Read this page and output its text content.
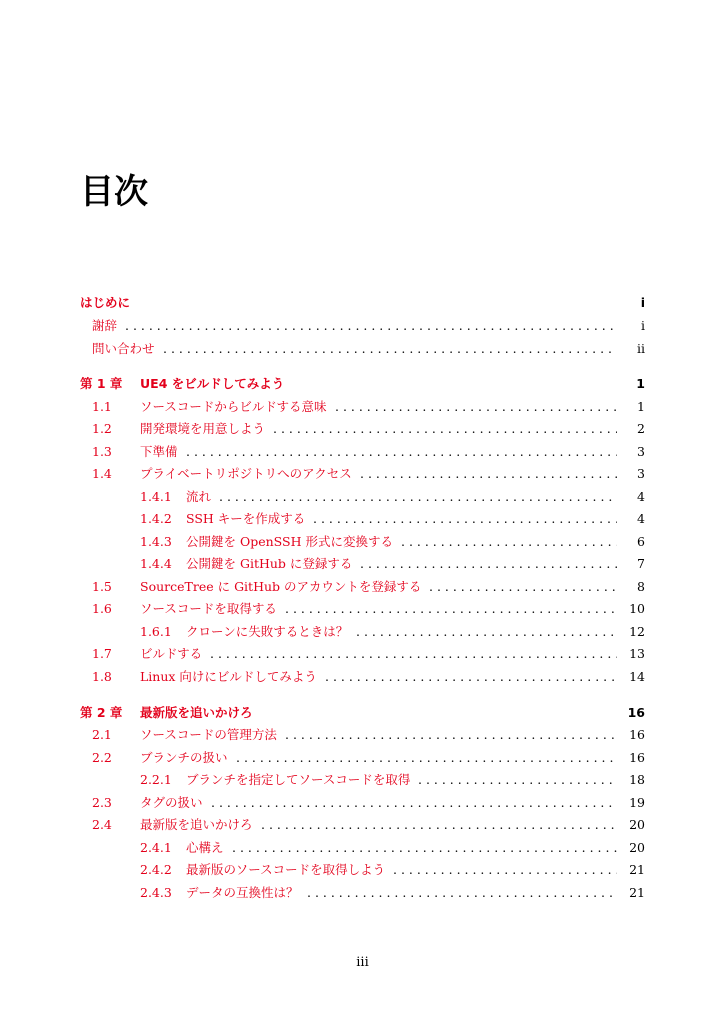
目次
はじめに	i
謝辞 . . .	i
問い合わせ . . .	ii
第 1 章 UE4 をビルドしてみよう	1
1.1 ソースコードからビルドする意味 . . .	1
1.2 開発環境を用意しよう . . .	2
1.3 下準備 . . .	3
1.4 プライベートリポジトリへのアクセス . . .	3
1.4.1 流れ . . .	4
1.4.2 SSH キーを作成する . . .	4
1.4.3 公開鍵を OpenSSH 形式に変換する . . .	6
1.4.4 公開鍵を GitHub に登録する . . .	7
1.5 SourceTree に GitHub のアカウントを登録する . . .	8
1.6 ソースコードを取得する . . .	10
1.6.1 クローンに失敗するときは？ . . .	12
1.7 ビルドする . . .	13
1.8 Linux 向けにビルドしてみよう . . .	14
第 2 章 最新版を追いかけろ	16
2.1 ソースコードの管理方法 . . .	16
2.2 ブランチの扱い . . .	16
2.2.1 ブランチを指定してソースコードを取得 . . .	18
2.3 タグの扱い . . .	19
2.4 最新版を追いかけろ . . .	20
2.4.1 心構え . . .	20
2.4.2 最新版のソースコードを取得しよう . . .	21
2.4.3 データの互換性は？ . . .	21
iii
